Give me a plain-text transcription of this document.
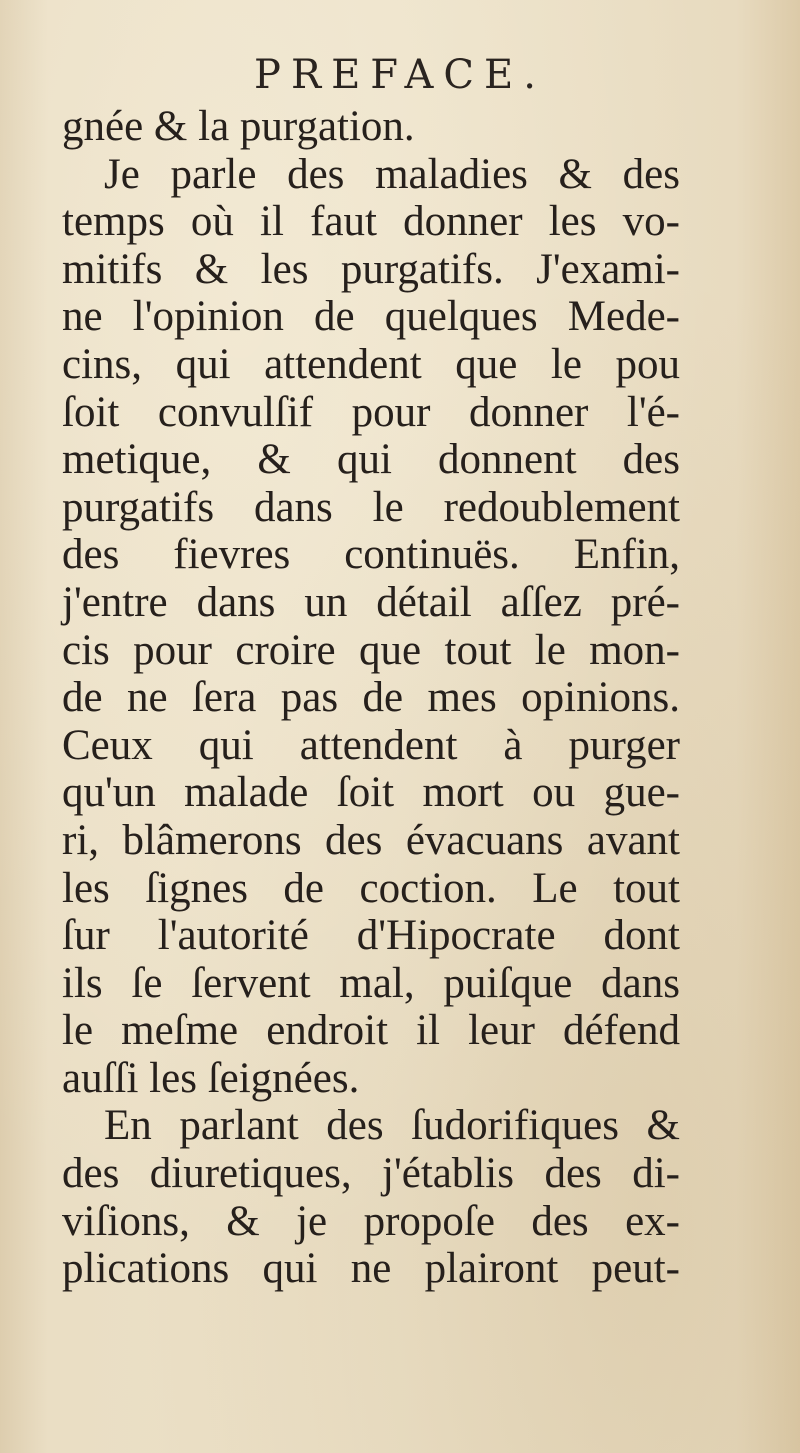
PREFACE.
gnée & la purgation.
Je parle des maladies & des
temps où il faut donner les vo-
mitifs & les purgatifs. J'exami-
ne l'opinion de quelques Mede-
cins, qui attendent que le pou
ſoit convulſif pour donner l'é-
metique, & qui donnent des
purgatifs dans le redoublement
des fievres continuës. Enfin,
j'entre dans un détail aſſez pré-
cis pour croire que tout le mon-
de ne ſera pas de mes opinions.
Ceux qui attendent à purger
qu'un malade ſoit mort ou gue-
ri, blâmerons des évacuans avant
les ſignes de coction. Le tout
ſur l'autorité d'Hipocrate dont
ils ſe ſervent mal, puiſque dans
le meſme endroit il leur défend
auſſi les ſeignées.
En parlant des ſudorifiques &
des diuretiques, j'établis des di-
viſions, & je propoſe des ex-
plications qui ne plairont peut-
